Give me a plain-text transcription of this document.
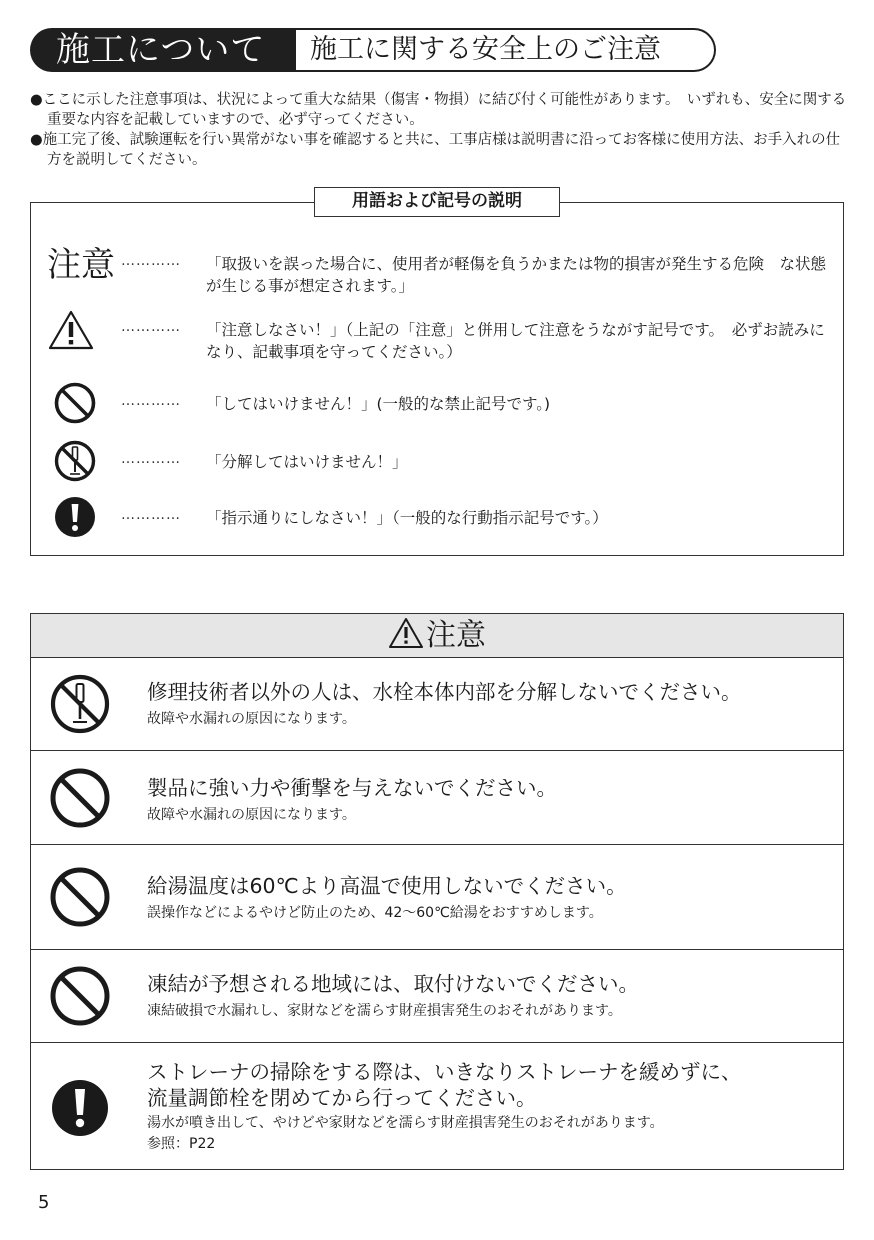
施工について	施工に関する安全上のご注意

●ここに示した注意事項は、状況によって重大な結果（傷害・物損）に結び付く可能性があります。　いずれも、安全に関する重要な内容を記載していますので、必ず守ってください。

●施工完了後、試験運転を行い異常がない事を確認すると共に、工事店様は説明書に沿ってお客様に使用方法、お手入れの仕方を説明してください。

用語および記号の説明
注意 ………… 「取扱いを誤った場合に、使用者が軽傷を負うかまたは物的損害が発生する危険　な状態が生じる事が想定されます。」
………… 「注意しなさい！」（上記の「注意」と併用して注意をうながす記号です。　必ずお読みになり、記載事項を守ってください。）
………… 「してはいけません！」(一般的な禁止記号です。)
………… 「分解してはいけません！」
………… 「指示通りにしなさい！」（一般的な行動指示記号です。）
注意
修理技術者以外の人は、水栓本体内部を分解しないでください。
故障や水漏れの原因になります。
製品に強い力や衝撃を与えないでください。
故障や水漏れの原因になります。
給湯温度は60℃より高温で使用しないでください。
誤操作などによるやけど防止のため、42～60℃給湯をおすすめします。
凍結が予想される地域には、取付けないでください。
凍結破損で水漏れし、家財などを濡らす財産損害発生のおそれがあります。
ストレーナの掃除をする際は、いきなりストレーナを緩めずに、
流量調節栓を閉めてから行ってください。
湯水が噴き出して、やけどや家財などを濡らす財産損害発生のおそれがあります。
参照：P22
5
